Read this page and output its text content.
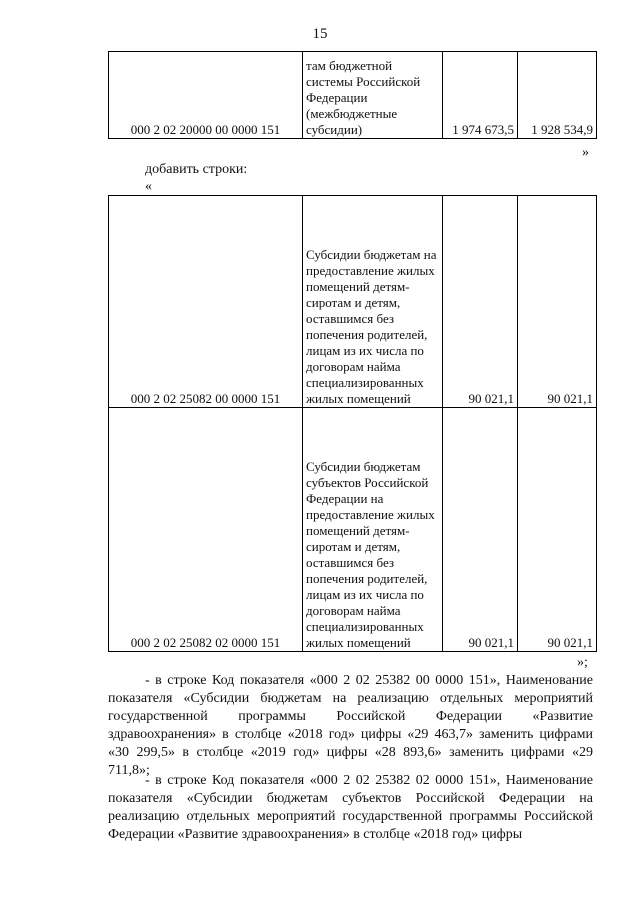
15
000 2 02 20000 00 0000 151	там бюджетной системы Российской Федерации (межбюджетные субсидии)	1 974 673,5	1 928 534,9
»
добавить строки:
«
000 2 02 25082 00 0000 151	Субсидии бюджетам на предоставление жилых помещений детям-сиротам и детям, оставшимся без попечения родителей, лицам из их числа по договорам найма специализированных жилых помещений	90 021,1	90 021,1
000 2 02 25082 02 0000 151	Субсидии бюджетам субъектов Российской Федерации на предоставление жилых помещений детям-сиротам и детям, оставшимся без попечения родителей, лицам из их числа по договорам найма специализированных жилых помещений	90 021,1	90 021,1
»;
- в строке Код показателя «000 2 02 25382 00 0000 151», Наименование показателя «Субсидии бюджетам на реализацию отдельных мероприятий государственной программы Российской Федерации «Развитие здравоохранения» в столбце «2018 год» цифры «29 463,7» заменить цифрами «30 299,5» в столбце «2019 год» цифры «28 893,6» заменить цифрами «29 711,8»;
- в строке Код показателя «000 2 02 25382 02 0000 151», Наименование показателя «Субсидии бюджетам субъектов Российской Федерации на реализацию отдельных мероприятий государственной программы Российской Федерации «Развитие здравоохранения» в столбце «2018 год» цифры
